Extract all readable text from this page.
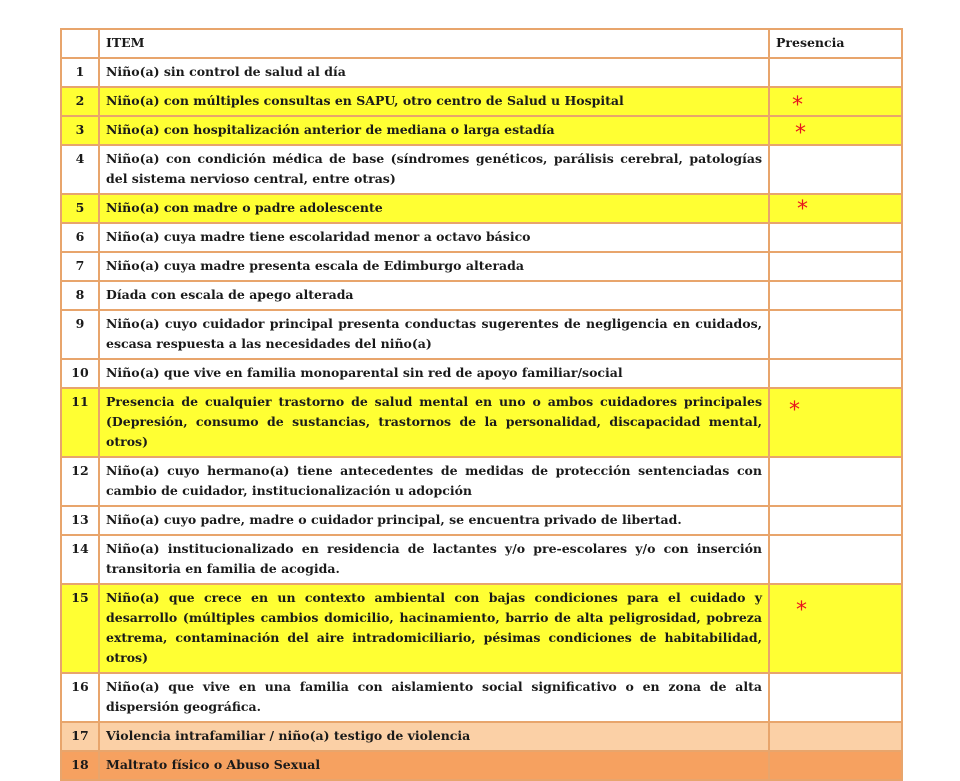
	ITEM	Presencia
1	Niño(a) sin control de salud al día	
2	Niño(a) con múltiples consultas en SAPU, otro centro de Salud u Hospital	*

3	Niño(a) con hospitalización anterior de mediana o larga estadía	*

4	Niño(a) con condición médica de base (síndromes genéticos, parálisis cerebral, patologías del sistema nervioso central, entre otras)	
5	Niño(a) con madre o padre adolescente	*

6	Niño(a) cuya madre tiene escolaridad menor a octavo básico	
7	Niño(a) cuya madre presenta escala de Edimburgo alterada	
8	Díada con escala de apego alterada	
9	Niño(a) cuyo cuidador principal presenta conductas sugerentes de negligencia en cuidados, escasa respuesta a las necesidades del niño(a)	
10	Niño(a) que vive en familia monoparental sin red de apoyo familiar/social	
11	Presencia de cualquier trastorno de salud mental en uno o ambos cuidadores principales (Depresión, consumo de sustancias, trastornos de la personalidad, discapacidad mental, otros)	*

12	Niño(a) cuyo hermano(a) tiene antecedentes de medidas de protección sentenciadas con cambio de cuidador, institucionalización u adopción	
13	Niño(a) cuyo padre, madre o cuidador principal, se encuentra privado de libertad.	
14	Niño(a) institucionalizado en residencia de lactantes y/o pre-escolares y/o con inserción transitoria en familia de acogida.	
15	Niño(a) que crece en un contexto ambiental con bajas condiciones para el cuidado y desarrollo (múltiples cambios domicilio, hacinamiento, barrio de alta peligrosidad, pobreza extrema, contaminación del aire intradomiciliario, pésimas condiciones de habitabilidad, otros)	*

16	Niño(a) que vive en una familia con aislamiento social significativo o en zona de alta dispersión geográfica.	
17	Violencia intrafamiliar / niño(a) testigo de violencia	
18	Maltrato físico o Abuso Sexual	
